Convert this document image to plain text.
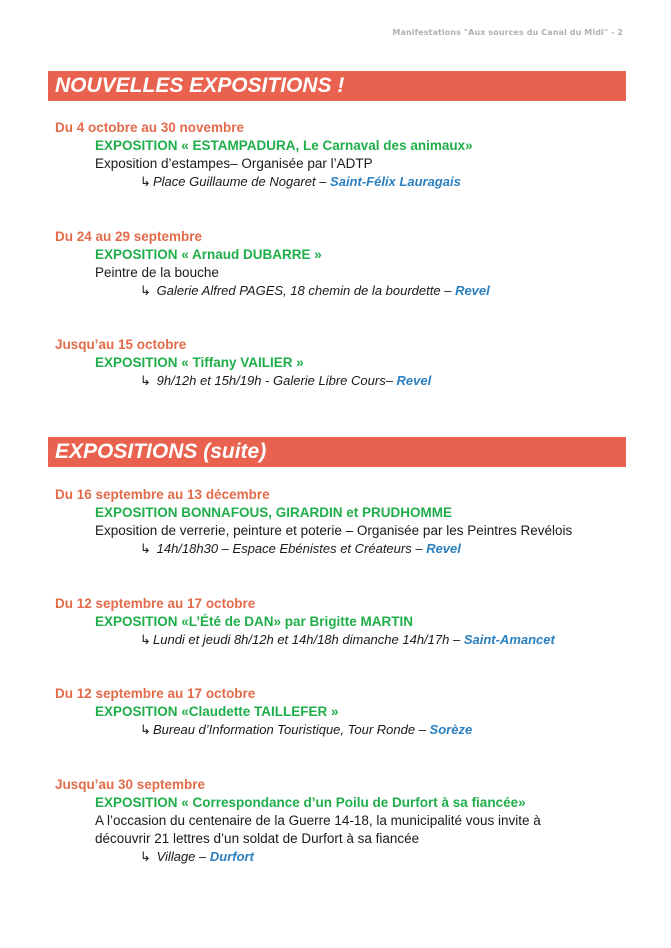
Manifestations "Aux sources du Canal du Midi" - 2
NOUVELLES EXPOSITIONS !
Du 4 octobre au 30 novembre
EXPOSITION « ESTAMPADURA, Le Carnaval des animaux»
Exposition d’estampes– Organisée par l’ADTP
↳ Place Guillaume de Nogaret – Saint-Félix Lauragais
Du 24 au 29 septembre
EXPOSITION « Arnaud DUBARRE »
Peintre de la bouche
↳ Galerie Alfred PAGES, 18 chemin de la bourdette – Revel
Jusqu’au 15 octobre
EXPOSITION « Tiffany VAILIER »
↳ 9h/12h et 15h/19h - Galerie Libre Cours– Revel
EXPOSITIONS (suite)
Du 16 septembre au 13 décembre
EXPOSITION BONNAFOUS, GIRARDIN et PRUDHOMME
Exposition de verrerie, peinture et poterie – Organisée par les Peintres Revélois
↳ 14h/18h30 – Espace Ebénistes et Créateurs – Revel
Du 12 septembre au 17 octobre
EXPOSITION «L’Été de DAN» par Brigitte MARTIN
↳ Lundi et jeudi 8h/12h et 14h/18h dimanche 14h/17h – Saint-Amancet
Du 12 septembre au 17 octobre
EXPOSITION «Claudette TAILLEFER »
↳ Bureau d’Information Touristique, Tour Ronde – Sorèze
Jusqu’au 30 septembre
EXPOSITION « Correspondance d’un Poilu de Durfort à sa fiancée»
A l’occasion du centenaire de la Guerre 14-18, la municipalité vous invite à
découvrir 21 lettres d’un soldat de Durfort à sa fiancée
↳ Village – Durfort
